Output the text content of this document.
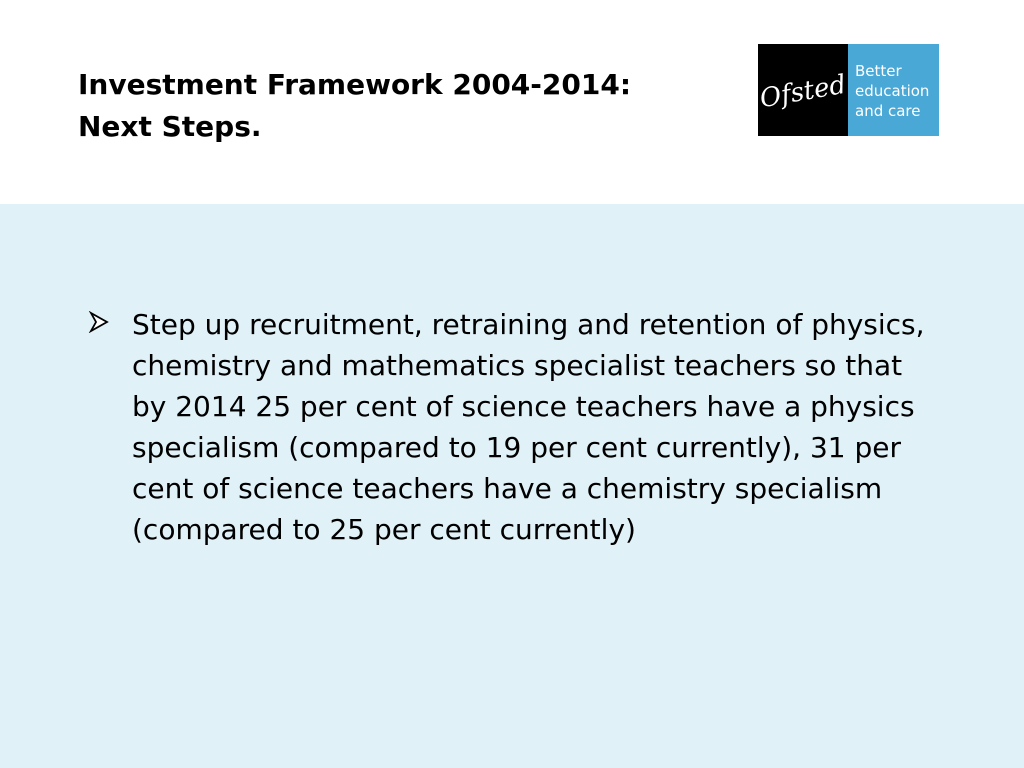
Investment Framework 2004-2014:
Next Steps.
Ofsted Better
education
and care

Step up recruitment, retraining and retention of physics, chemistry and mathematics specialist teachers so that by 2014 25 per cent of science teachers have a physics specialism (compared to 19 per cent currently), 31 per cent of science teachers have a chemistry specialism (compared to 25 per cent currently)
